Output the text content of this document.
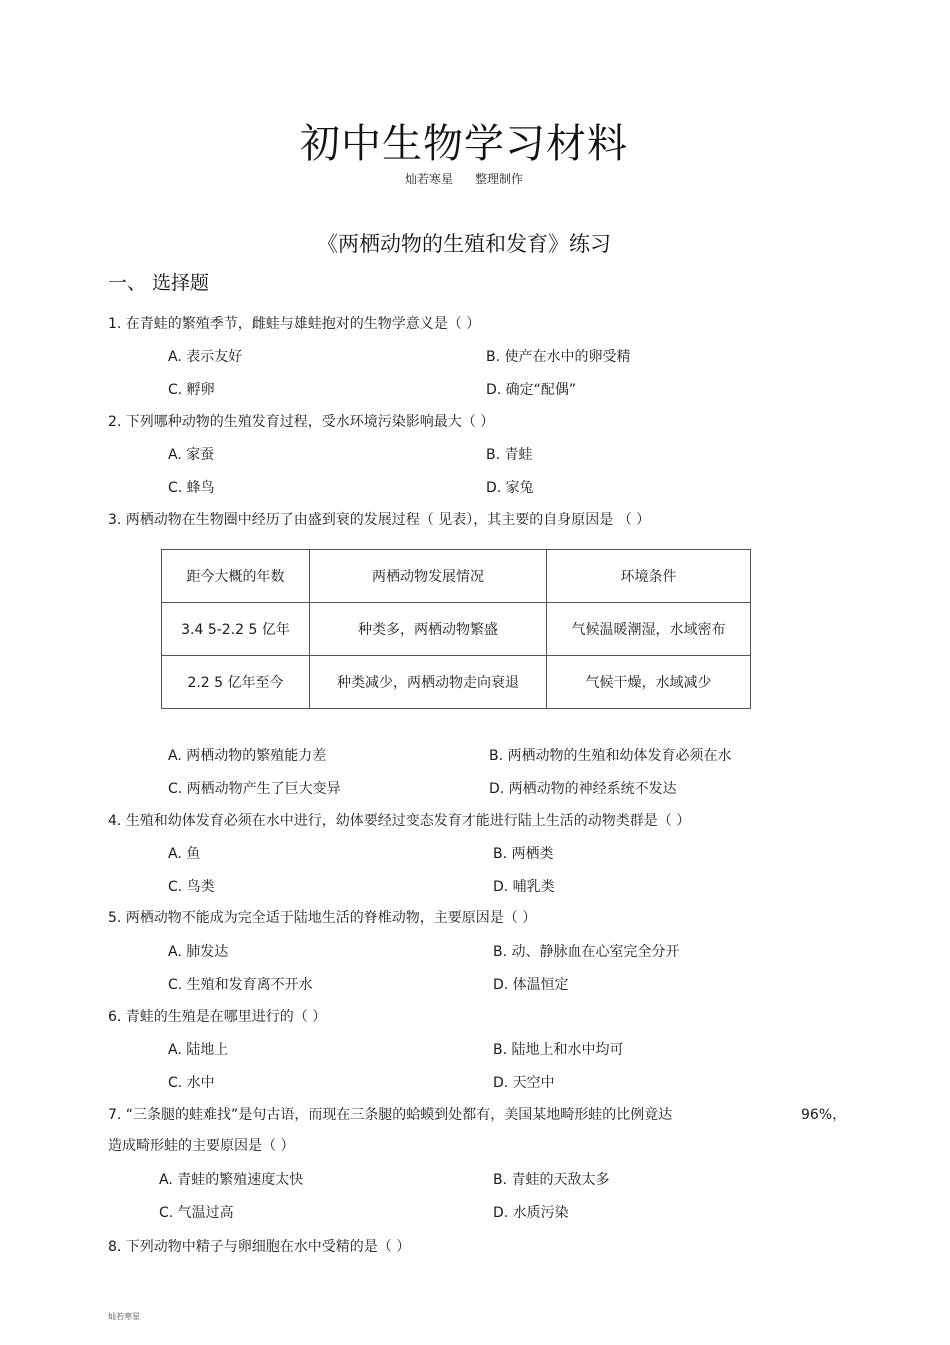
初中生物学习材料
灿若寒星 整理制作
《两栖动物的生殖和发育》练习
一、 选择题
1. 在青蛙的繁殖季节，雌蛙与雄蛙抱对的生物学意义是（ ）
A. 表示友好	B. 使产在水中的卵受精
C. 孵卵	D. 确定“配偶”
2. 下列哪种动物的生殖发育过程，受水环境污染影响最大（ ）
A. 家蚕	B. 青蛙
C. 蜂鸟	D. 家兔
3. 两栖动物在生物圈中经历了由盛到衰的发展过程（ 见表），其主要的自身原因是 （ ）
距今大概的年数	两栖动物发展情况	环境条件
3.4 5-2.2 5 亿年	种类多，两栖动物繁盛	气候温暖潮湿，水域密布
2.2 5 亿年至今	种类减少，两栖动物走向衰退	气候干燥，水域减少
A. 两栖动物的繁殖能力差	B. 两栖动物的生殖和幼体发育必须在水
C. 两栖动物产生了巨大变异	D. 两栖动物的神经系统不发达
4. 生殖和幼体发育必须在水中进行，幼体要经过变态发育才能进行陆上生活的动物类群是（ ）
A. 鱼	B. 两栖类
C. 鸟类	D. 哺乳类
5. 两栖动物不能成为完全适于陆地生活的脊椎动物，主要原因是（ ）
A. 肺发达	B. 动、静脉血在心室完全分开
C. 生殖和发育离不开水	D. 体温恒定
6. 青蛙的生殖是在哪里进行的（ ）
A. 陆地上	B. 陆地上和水中均可
C. 水中	D. 天空中
7. “三条腿的蛙难找”是句古语，而现在三条腿的蛤蟆到处都有，美国某地畸形蛙的比例竟达	96%，
造成畸形蛙的主要原因是（ ）
A. 青蛙的繁殖速度太快	B. 青蛙的天敌太多
C. 气温过高	D. 水质污染
8. 下列动物中精子与卵细胞在水中受精的是（ ）
灿若寒星
